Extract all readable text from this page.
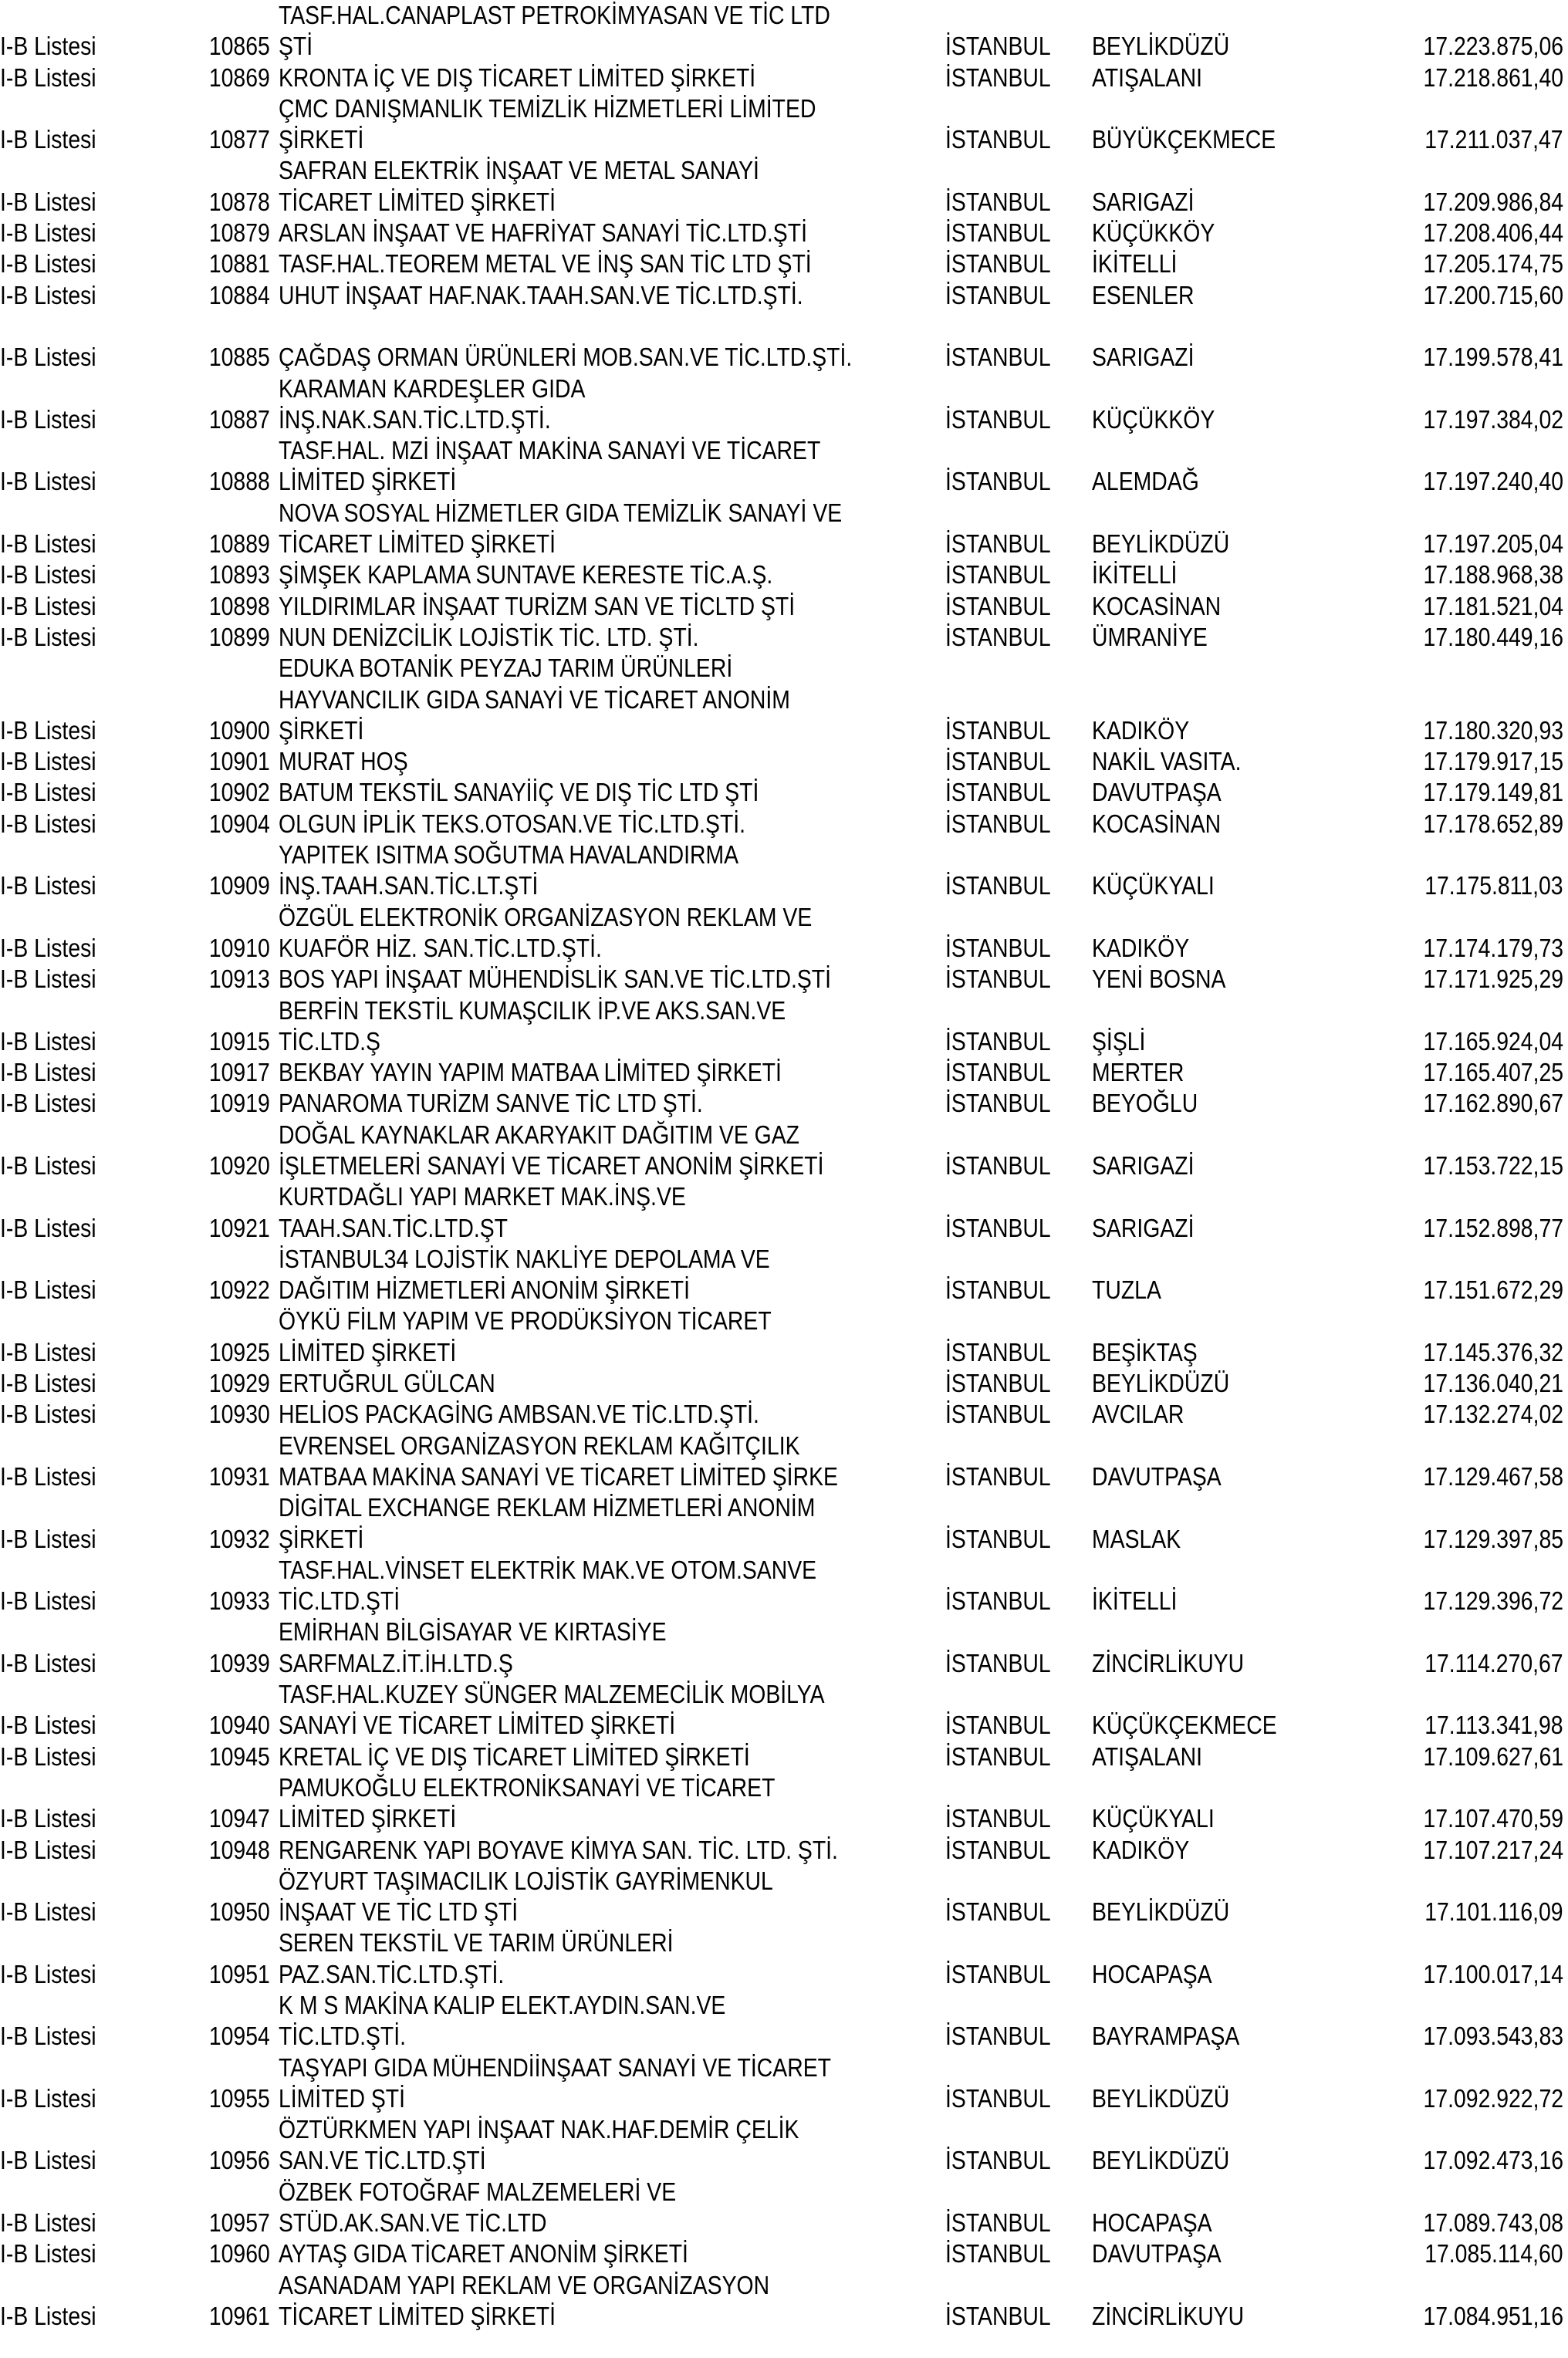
TASF.HAL.CANAPLAST PETROKİMYASAN VE TİC LTD
I-B Listesi	10865 ŞTİ	İSTANBUL	BEYLİKDÜZÜ	17.223.875,06
I-B Listesi	10869 KRONTA İÇ VE DIŞ TİCARET LİMİTED ŞİRKETİ	İSTANBUL	ATIŞALANI	17.218.861,40
ÇMC DANIŞMANLIK TEMİZLİK HİZMETLERİ LİMİTED
I-B Listesi	10877 ŞİRKETİ	İSTANBUL	BÜYÜKÇEKMECE	17.211.037,47
SAFRAN ELEKTRİK İNŞAAT VE METAL SANAYİ
I-B Listesi	10878 TİCARET LİMİTED ŞİRKETİ	İSTANBUL	SARIGAZİ	17.209.986,84
I-B Listesi	10879 ARSLAN İNŞAAT VE HAFRİYAT SANAYİ TİC.LTD.ŞTİ	İSTANBUL	KÜÇÜKKÖY	17.208.406,44
I-B Listesi	10881 TASF.HAL.TEOREM METAL VE İNŞ SAN TİC LTD ŞTİ	İSTANBUL	İKİTELLİ	17.205.174,75
I-B Listesi	10884 UHUT İNŞAAT HAF.NAK.TAAH.SAN.VE TİC.LTD.ŞTİ.	İSTANBUL	ESENLER	17.200.715,60
I-B Listesi	10885 ÇAĞDAŞ ORMAN ÜRÜNLERİ MOB.SAN.VE TİC.LTD.ŞTİ.	İSTANBUL	SARIGAZİ	17.199.578,41
KARAMAN KARDEŞLER GIDA
I-B Listesi	10887 İNŞ.NAK.SAN.TİC.LTD.ŞTİ.	İSTANBUL	KÜÇÜKKÖY	17.197.384,02
TASF.HAL. MZİ İNŞAAT MAKİNA SANAYİ VE TİCARET
I-B Listesi	10888 LİMİTED ŞİRKETİ	İSTANBUL	ALEMDAĞ	17.197.240,40
NOVA SOSYAL HİZMETLER GIDA TEMİZLİK SANAYİ VE
I-B Listesi	10889 TİCARET LİMİTED ŞİRKETİ	İSTANBUL	BEYLİKDÜZÜ	17.197.205,04
I-B Listesi	10893 ŞİMŞEK KAPLAMA SUNTAVE KERESTE TİC.A.Ş.	İSTANBUL	İKİTELLİ	17.188.968,38
I-B Listesi	10898 YILDIRIMLAR İNŞAAT TURİZM SAN VE TİCLTD ŞTİ	İSTANBUL	KOCASİNAN	17.181.521,04
I-B Listesi	10899 NUN DENİZCİLİK LOJİSTİK TİC. LTD. ŞTİ.	İSTANBUL	ÜMRANİYE	17.180.449,16
EDUKA BOTANİK PEYZAJ TARIM ÜRÜNLERİ
HAYVANCILIK GIDA SANAYİ VE TİCARET ANONİM
I-B Listesi	10900 ŞİRKETİ	İSTANBUL	KADIKÖY	17.180.320,93
I-B Listesi	10901 MURAT HOŞ	İSTANBUL	NAKİL VASITA.	17.179.917,15
I-B Listesi	10902 BATUM TEKSTİL SANAYİİÇ VE DIŞ TİC LTD ŞTİ	İSTANBUL	DAVUTPAŞA	17.179.149,81
I-B Listesi	10904 OLGUN İPLİK TEKS.OTOSAN.VE TİC.LTD.ŞTİ.	İSTANBUL	KOCASİNAN	17.178.652,89
YAPITEK ISITMA SOĞUTMA HAVALANDIRMA
I-B Listesi	10909 İNŞ.TAAH.SAN.TİC.LT.ŞTİ	İSTANBUL	KÜÇÜKYALI	17.175.811,03
ÖZGÜL ELEKTRONİK ORGANİZASYON REKLAM VE
I-B Listesi	10910 KUAFÖR HİZ. SAN.TİC.LTD.ŞTİ.	İSTANBUL	KADIKÖY	17.174.179,73
I-B Listesi	10913 BOS YAPI İNŞAAT MÜHENDİSLİK SAN.VE TİC.LTD.ŞTİ	İSTANBUL	YENİ BOSNA	17.171.925,29
BERFİN TEKSTİL KUMAŞCILIK İP.VE AKS.SAN.VE
I-B Listesi	10915 TİC.LTD.Ş	İSTANBUL	ŞİŞLİ	17.165.924,04
I-B Listesi	10917 BEKBAY YAYIN YAPIM MATBAA LİMİTED ŞİRKETİ	İSTANBUL	MERTER	17.165.407,25
I-B Listesi	10919 PANAROMA TURİZM SANVE TİC LTD ŞTİ.	İSTANBUL	BEYOĞLU	17.162.890,67
DOĞAL KAYNAKLAR AKARYAKIT DAĞITIM VE GAZ
I-B Listesi	10920 İŞLETMELERİ SANAYİ VE TİCARET ANONİM ŞİRKETİ	İSTANBUL	SARIGAZİ	17.153.722,15
KURTDAĞLI YAPI MARKET MAK.İNŞ.VE
I-B Listesi	10921 TAAH.SAN.TİC.LTD.ŞT	İSTANBUL	SARIGAZİ	17.152.898,77
İSTANBUL34 LOJİSTİK NAKLİYE DEPOLAMA VE
I-B Listesi	10922 DAĞITIM HİZMETLERİ ANONİM ŞİRKETİ	İSTANBUL	TUZLA	17.151.672,29
ÖYKÜ FİLM YAPIM VE PRODÜKSİYON TİCARET
I-B Listesi	10925 LİMİTED ŞİRKETİ	İSTANBUL	BEŞİKTAŞ	17.145.376,32
I-B Listesi	10929 ERTUĞRUL GÜLCAN	İSTANBUL	BEYLİKDÜZÜ	17.136.040,21
I-B Listesi	10930 HELİOS PACKAGİNG AMBSAN.VE TİC.LTD.ŞTİ.	İSTANBUL	AVCILAR	17.132.274,02
EVRENSEL ORGANİZASYON REKLAM KAĞITÇILIK
I-B Listesi	10931 MATBAA MAKİNA SANAYİ VE TİCARET LİMİTED ŞİRKE	İSTANBUL	DAVUTPAŞA	17.129.467,58
DİGİTAL EXCHANGE REKLAM HİZMETLERİ ANONİM
I-B Listesi	10932 ŞİRKETİ	İSTANBUL	MASLAK	17.129.397,85
TASF.HAL.VİNSET ELEKTRİK MAK.VE OTOM.SANVE
I-B Listesi	10933 TİC.LTD.ŞTİ	İSTANBUL	İKİTELLİ	17.129.396,72
EMİRHAN BİLGİSAYAR VE KIRTASİYE
I-B Listesi	10939 SARFMALZ.İT.İH.LTD.Ş	İSTANBUL	ZİNCİRLİKUYU	17.114.270,67
TASF.HAL.KUZEY SÜNGER MALZEMECİLİK MOBİLYA
I-B Listesi	10940 SANAYİ VE TİCARET LİMİTED ŞİRKETİ	İSTANBUL	KÜÇÜKÇEKMECE	17.113.341,98
I-B Listesi	10945 KRETAL İÇ VE DIŞ TİCARET LİMİTED ŞİRKETİ	İSTANBUL	ATIŞALANI	17.109.627,61
PAMUKOĞLU ELEKTRONİKSANAYİ VE TİCARET
I-B Listesi	10947 LİMİTED ŞİRKETİ	İSTANBUL	KÜÇÜKYALI	17.107.470,59
I-B Listesi	10948 RENGARENK YAPI BOYAVE KİMYA SAN. TİC. LTD. ŞTİ.	İSTANBUL	KADIKÖY	17.107.217,24
ÖZYURT TAŞIMACILIK LOJİSTİK GAYRİMENKUL
I-B Listesi	10950 İNŞAAT VE TİC LTD ŞTİ	İSTANBUL	BEYLİKDÜZÜ	17.101.116,09
SEREN TEKSTİL VE TARIM ÜRÜNLERİ
I-B Listesi	10951 PAZ.SAN.TİC.LTD.ŞTİ.	İSTANBUL	HOCAPAŞA	17.100.017,14
K M S MAKİNA KALIP ELEKT.AYDIN.SAN.VE
I-B Listesi	10954 TİC.LTD.ŞTİ.	İSTANBUL	BAYRAMPAŞA	17.093.543,83
TAŞYAPI GIDA MÜHENDİİNŞAAT SANAYİ VE TİCARET
I-B Listesi	10955 LİMİTED ŞTİ	İSTANBUL	BEYLİKDÜZÜ	17.092.922,72
ÖZTÜRKMEN YAPI İNŞAAT NAK.HAF.DEMİR ÇELİK
I-B Listesi	10956 SAN.VE TİC.LTD.ŞTİ	İSTANBUL	BEYLİKDÜZÜ	17.092.473,16
ÖZBEK FOTOĞRAF MALZEMELERİ VE
I-B Listesi	10957 STÜD.AK.SAN.VE TİC.LTD	İSTANBUL	HOCAPAŞA	17.089.743,08
I-B Listesi	10960 AYTAŞ GIDA TİCARET ANONİM ŞİRKETİ	İSTANBUL	DAVUTPAŞA	17.085.114,60
ASANADAM YAPI REKLAM VE ORGANİZASYON
I-B Listesi	10961 TİCARET LİMİTED ŞİRKETİ	İSTANBUL	ZİNCİRLİKUYU	17.084.951,16
